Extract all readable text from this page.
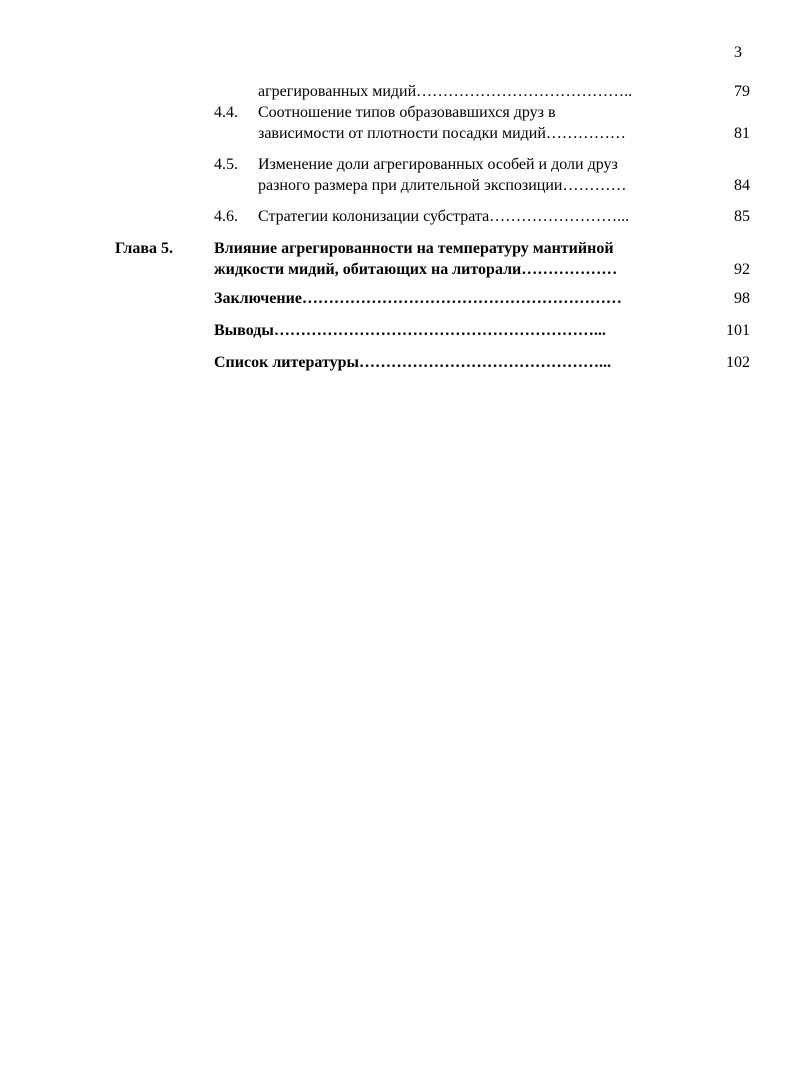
3
агрегированных мидий…………………………………..	79
4.4. Соотношение типов образовавшихся друз в
зависимости от плотности посадки мидий……………	81
4.5. Изменение доли агрегированных особей и доли друз
разного размера при длительной экспозиции…………	84
4.6. Стратегии колонизации субстрата……………………...	85
Глава 5.	Влияние агрегированности на температуру мантийной
жидкости мидий, обитающих на литорали………………	92
Заключение……………………………………………………	98
Выводы……………………………………………………...	101
Список литературы………………………………………...	102
